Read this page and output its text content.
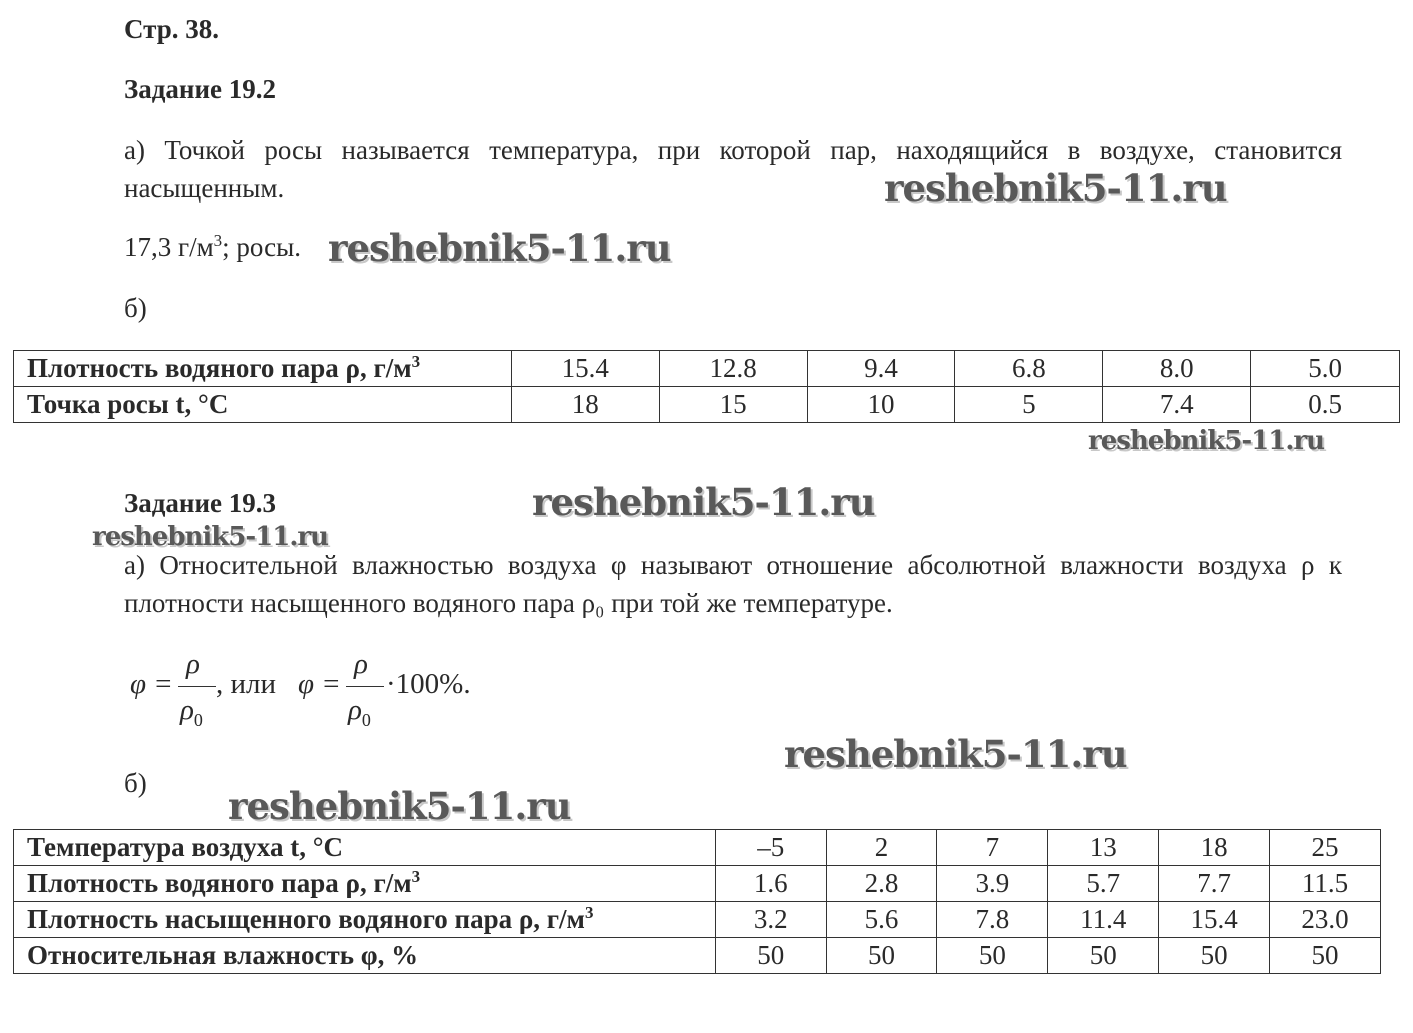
Стр. 38.
Задание 19.2
а) Точкой росы называется температура, при которой пар, находящийся в воздухе, становится насыщенным.
17,3 $г/м^3$; росы.
б)
Плотность водяного пара ρ, $г/м^3$	15.4	12.8	9.4	6.8	8.0	5.0
Точка росы t, °С	18	15	10	5	7.4	0.5
Задание 19.3
а) Относительной влажностью воздуха φ называют отношение абсолютной влажности воздуха ρ к плотности насыщенного водяного пара ρ₀ при той же температуре.
φ =
ρ
$\rho_0$
, или φ =
ρ
$\rho_0$
·100%.
б)
Температура воздуха t, °С	–5	2	7	13	18	25
Плотность водяного пара ρ, $г/м^3$	1.6	2.8	3.9	5.7	7.7	11.5
Плотность насыщенного водяного пара ρ, $г/м^3$	3.2	5.6	7.8	11.4	15.4	23.0
Относительная влажность φ, %	50	50	50	50	50	50
reshebnik5-11.ru
reshebnik5-11.ru
reshebnik5-11.ru
reshebnik5-11.ru
reshebnik5-11.ru
reshebnik5-11.ru
reshebnik5-11.ru
